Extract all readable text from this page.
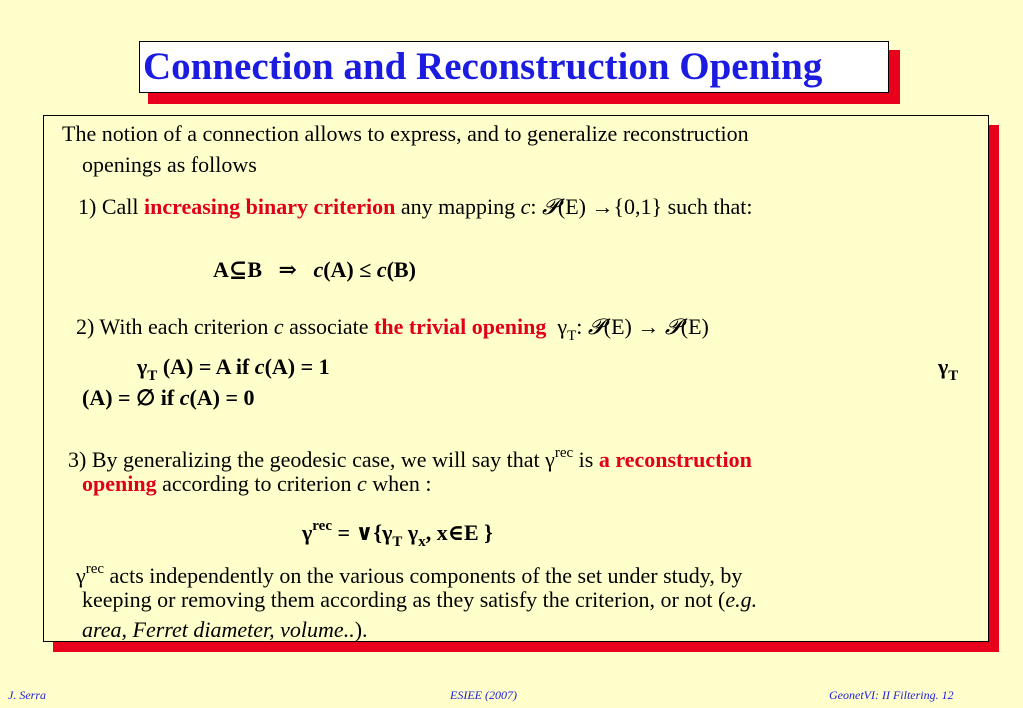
Connection and Reconstruction Opening
The notion of a connection allows to express, and to generalize reconstruction
openings as follows
1) Call increasing binary criterion any mapping c: 𝓟(E) →{0,1} such that:
A⊆B ⇒ c(A) ≤ c(B)
2) With each criterion c associate the trivial opening $\gamma_T$: 𝓟(E) → 𝓟(E)
$\gamma_T$ (A) = A if c(A) = 1	$\gamma_T$
(A) = ∅ if c(A) = 0
3) By generalizing the geodesic case, we will say that $\gamma^{rec}$ is a reconstruction
opening according to criterion c when :
$\gamma^{rec}$ = $\vee\{\gamma_T$ $\gamma_x$, x∈E }
$\gamma^{rec}$ acts independently on the various components of the set under study, by
keeping or removing them according as they satisfy the criterion, or not (e.g.
area, Ferret diameter, volume..).
J. Serra	ESIEE (2007)	GeonetVI: II Filtering. 12
